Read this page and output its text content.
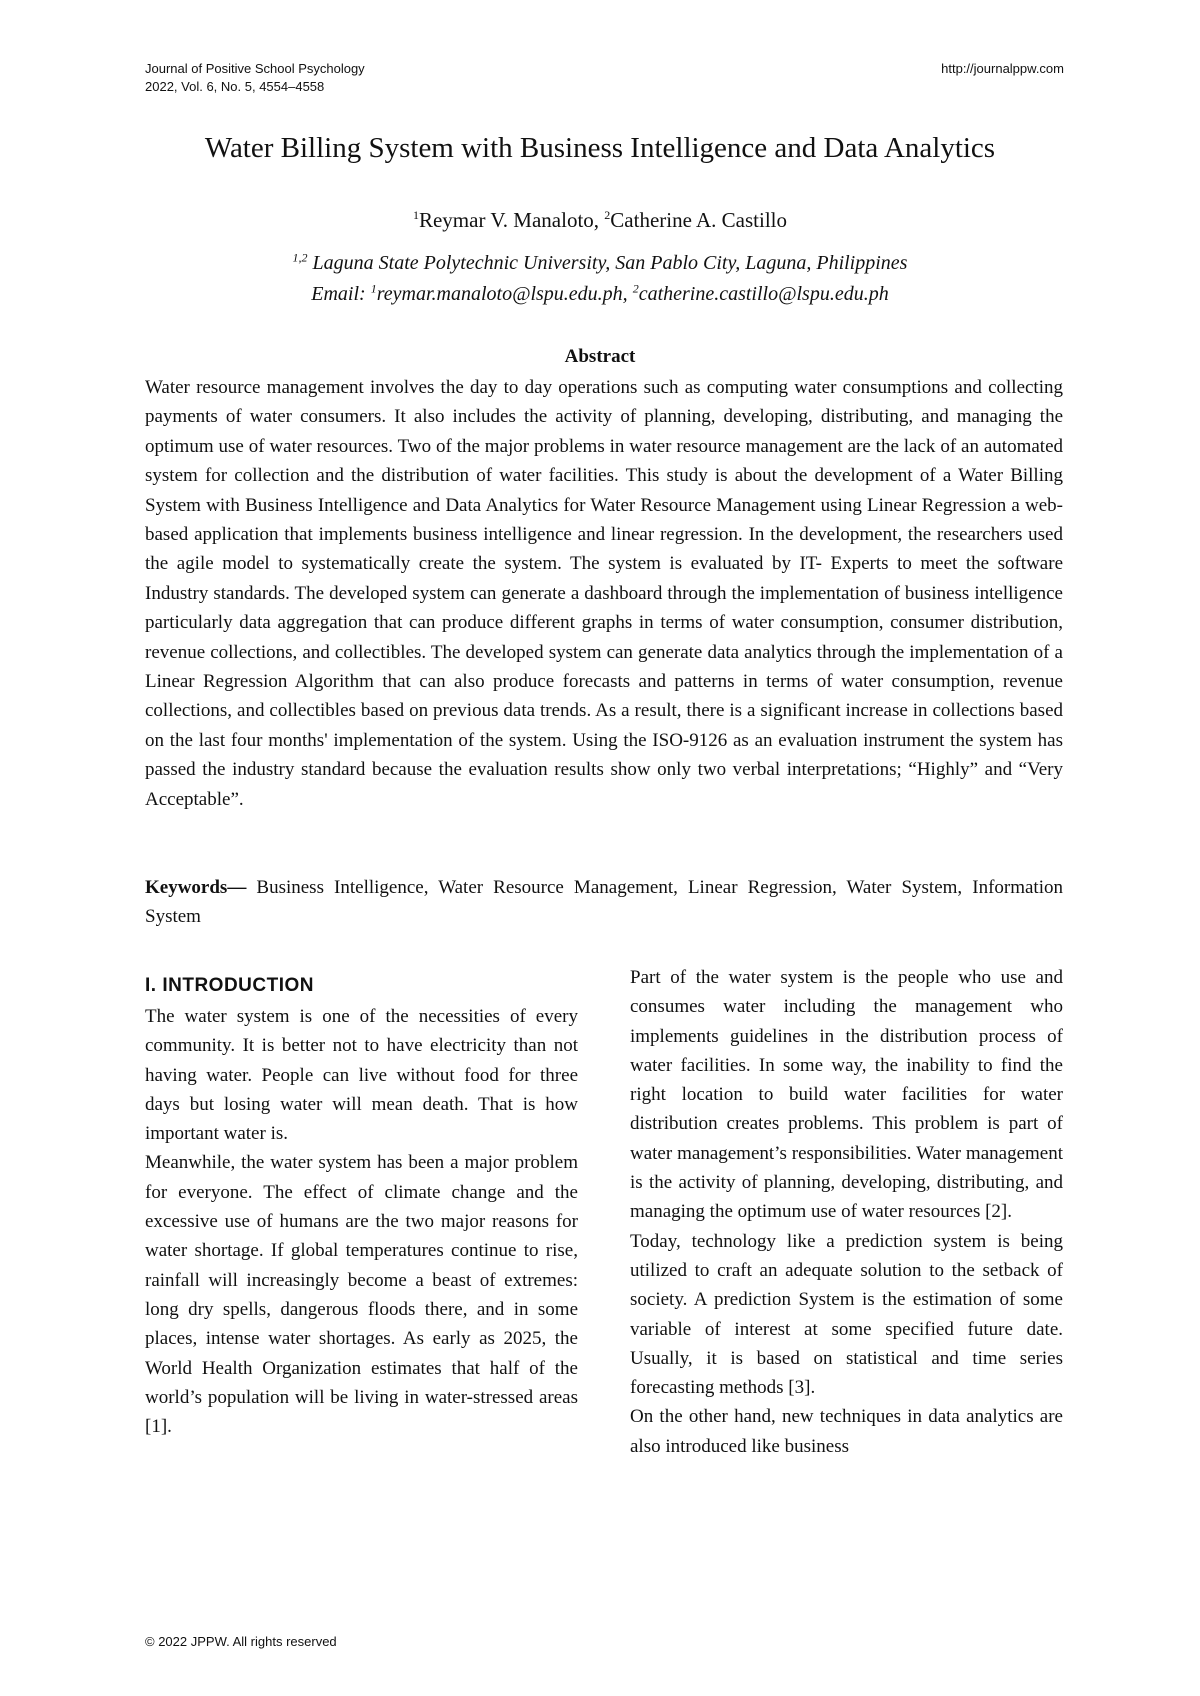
Journal of Positive School Psychology
2022, Vol. 6, No. 5, 4554–4558
http://journalppw.com
Water Billing System with Business Intelligence and Data Analytics
$^1$Reymar V. Manaloto, $^2$Catherine A. Castillo
$^{1,2}$ Laguna State Polytechnic University, San Pablo City, Laguna, Philippines
Email: $^1$reymar.manaloto@lspu.edu.ph, $^2$catherine.castillo@lspu.edu.ph
Abstract

Water resource management involves the day to day operations such as computing water consumptions and collecting payments of water consumers. It also includes the activity of planning, developing, distributing, and managing the optimum use of water resources. Two of the major problems in water resource management are the lack of an automated system for collection and the distribution of water facilities. This study is about the development of a Water Billing System with Business Intelligence and Data Analytics for Water Resource Management using Linear Regression a web-based application that implements business intelligence and linear regression. In the development, the researchers used the agile model to systematically create the system. The system is evaluated by IT- Experts to meet the software Industry standards. The developed system can generate a dashboard through the implementation of business intelligence particularly data aggregation that can produce different graphs in terms of water consumption, consumer distribution, revenue collections, and collectibles. The developed system can generate data analytics through the implementation of a Linear Regression Algorithm that can also produce forecasts and patterns in terms of water consumption, revenue collections, and collectibles based on previous data trends. As a result, there is a significant increase in collections based on the last four months' implementation of the system. Using the ISO-9126 as an evaluation instrument the system has passed the industry standard because the evaluation results show only two verbal interpretations; “Highly” and “Very Acceptable”.

Keywords— Business Intelligence, Water Resource Management, Linear Regression, Water System, Information System

I. INTRODUCTION

The water system is one of the necessities of every community. It is better not to have electricity than not having water. People can live without food for three days but losing water will mean death. That is how important water is.

Meanwhile, the water system has been a major problem for everyone. The effect of climate change and the excessive use of humans are the two major reasons for water shortage. If global temperatures continue to rise, rainfall will increasingly become a beast of extremes: long dry spells, dangerous floods there, and in some places, intense water shortages. As early as 2025, the World Health Organization estimates that half of the world’s population will be living in water-stressed areas [1].

Part of the water system is the people who use and consumes water including the management who implements guidelines in the distribution process of water facilities. In some way, the inability to find the right location to build water facilities for water distribution creates problems. This problem is part of water management’s responsibilities. Water management is the activity of planning, developing, distributing, and managing the optimum use of water resources [2].

Today, technology like a prediction system is being utilized to craft an adequate solution to the setback of society. A prediction System is the estimation of some variable of interest at some specified future date. Usually, it is based on statistical and time series forecasting methods [3].

On the other hand, new techniques in data analytics are also introduced like business

© 2022 JPPW. All rights reserved
